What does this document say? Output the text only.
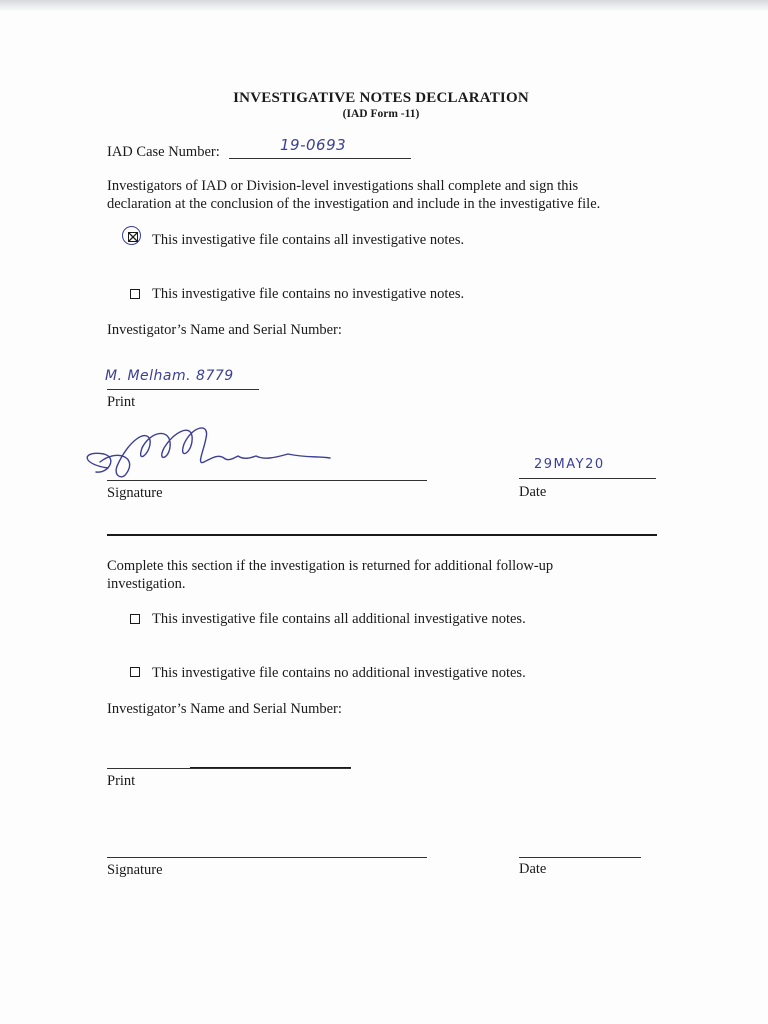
INVESTIGATIVE NOTES DECLARATION
(IAD Form -11)
IAD Case Number:	19-0693
Investigators of IAD or Division-level investigations shall complete and sign this declaration at the conclusion of the investigation and include in the investigative file.
This investigative file contains all investigative notes.
This investigative file contains no investigative notes.
Investigator’s Name and Serial Number:
M. Melham. 8779
Print
Signature
29MAY20
Date
Complete this section if the investigation is returned for additional follow-up investigation.
This investigative file contains all additional investigative notes.
This investigative file contains no additional investigative notes.
Investigator’s Name and Serial Number:
Print
Signature	Date
